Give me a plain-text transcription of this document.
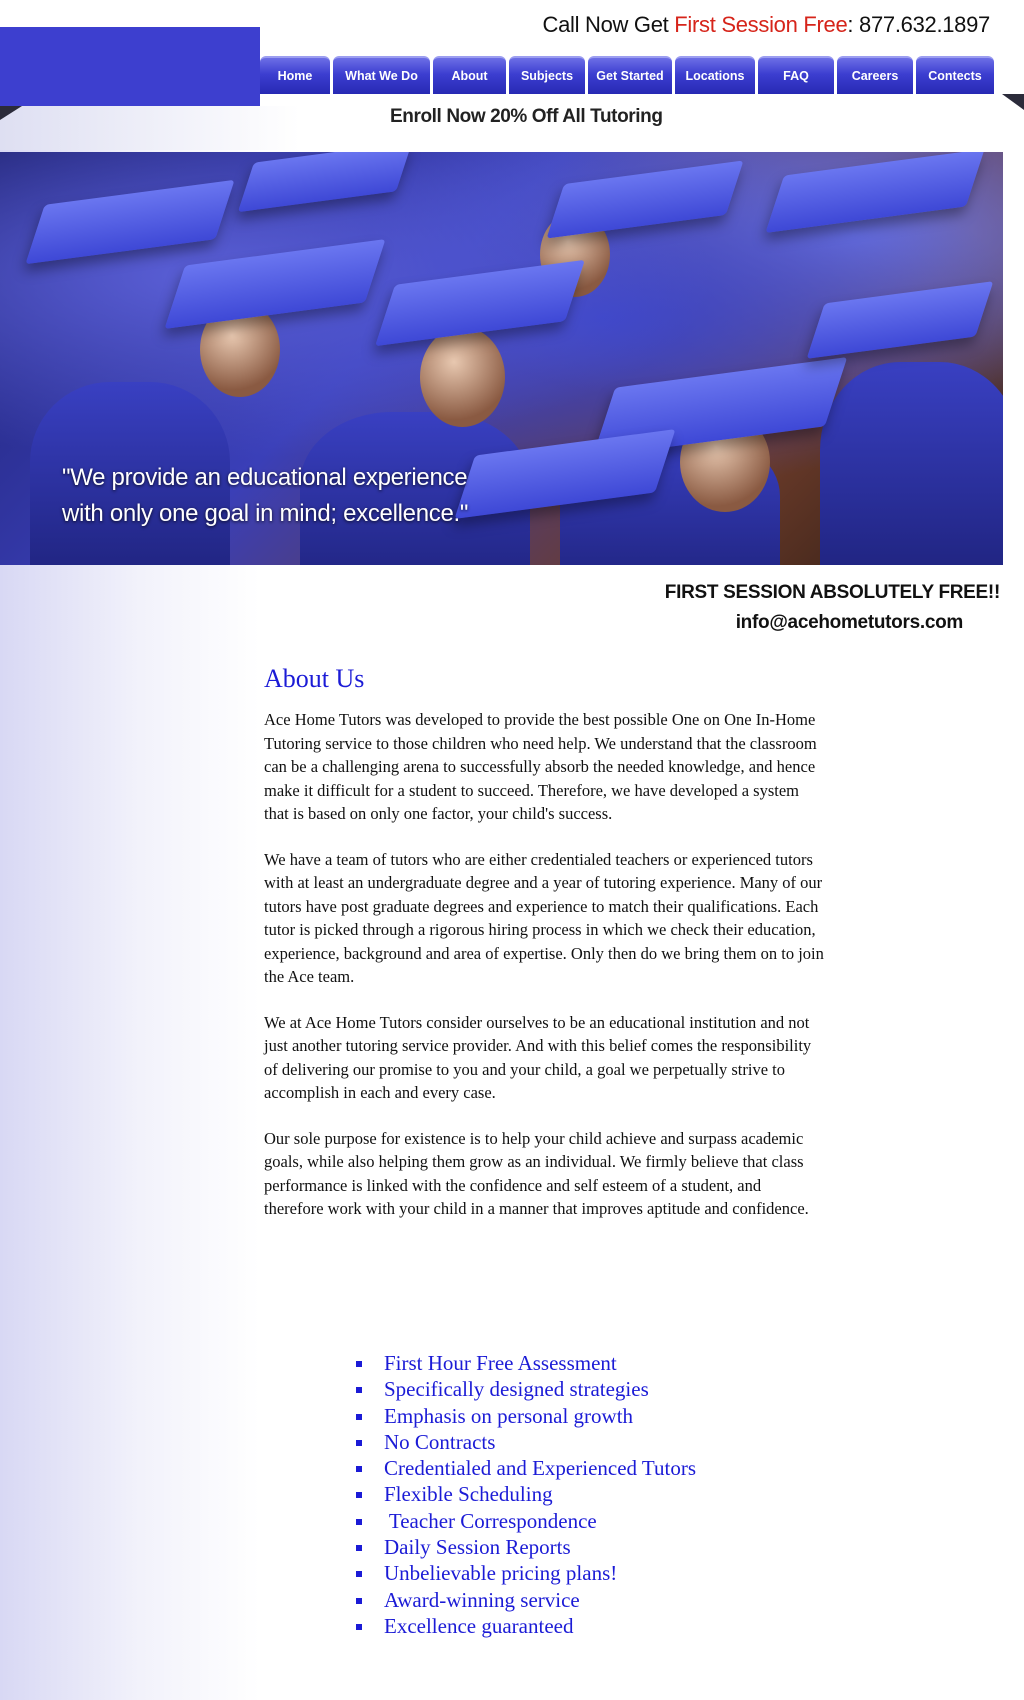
Call Now Get First Session Free: 877.632.1897
Home	What We Do	About	Subjects	Get Started	Locations	FAQ	Careers	Contects
Enroll Now 20% Off All Tutoring
"We provide an educational experience
with only one goal in mind; excellence."
FIRST SESSION ABSOLUTELY FREE!!
info@acehometutors.com
About Us

Ace Home Tutors was developed to provide the best possible One on One In-Home Tutoring service to those children who need help. We understand that the classroom can be a challenging arena to successfully absorb the needed knowledge, and hence make it difficult for a student to succeed. Therefore, we have developed a system that is based on only one factor, your child's success.

We have a team of tutors who are either credentialed teachers or experienced tutors with at least an undergraduate degree and a year of tutoring experience. Many of our tutors have post graduate degrees and experience to match their qualifications. Each tutor is picked through a rigorous hiring process in which we check their education, experience, background and area of expertise. Only then do we bring them on to join the Ace team.

We at Ace Home Tutors consider ourselves to be an educational institution and not just another tutoring service provider. And with this belief comes the responsibility of delivering our promise to you and your child, a goal we perpetually strive to accomplish in each and every case.

Our sole purpose for existence is to help your child achieve and surpass academic goals, while also helping them grow as an individual. We firmly believe that class performance is linked with the confidence and self esteem of a student, and therefore work with your child in a manner that improves aptitude and confidence.

First Hour Free Assessment
Specifically designed strategies
Emphasis on personal growth
No Contracts
Credentialed and Experienced Tutors
Flexible Scheduling
Teacher Correspondence
Daily Session Reports
Unbelievable pricing plans!
Award-winning service
Excellence guaranteed
